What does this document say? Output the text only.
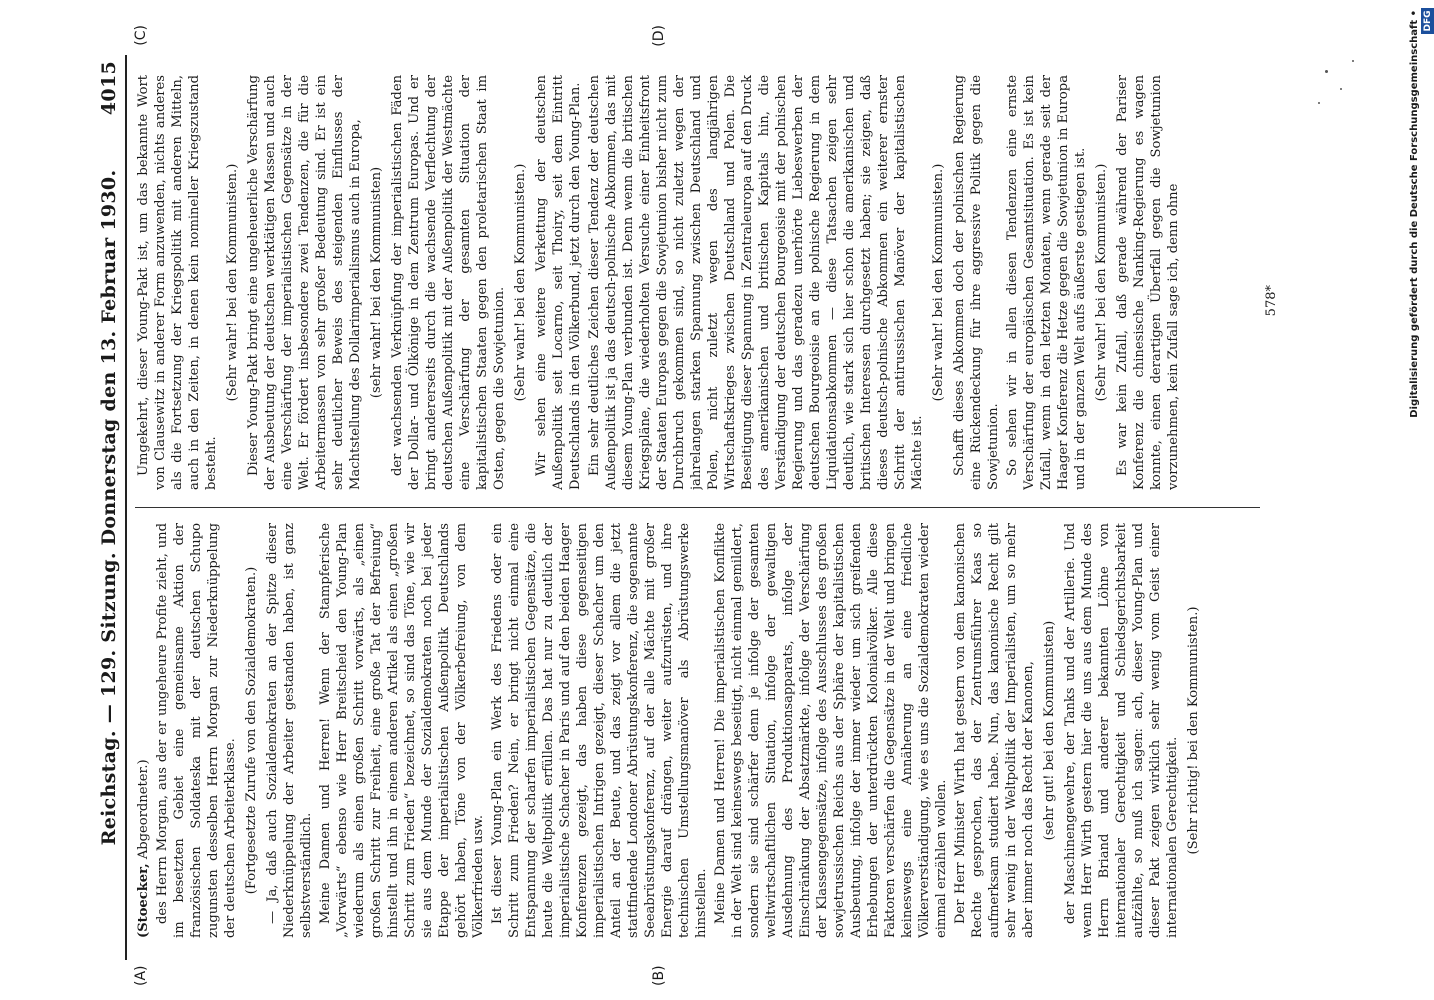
Reichstag. — 129. Sitzung. Donnerstag den 13. Februar 1930.
4015
(A)	(B)
(C)	(D)

(Stoecker, Abgeordneter.) des Herrn Morgan, aus der er ungeheure Profite zieht, und im besetzten Gebiet eine gemeinsame Aktion der französischen Soldateska mit der deutschen Schupo zugunsten desselben Herrn Morgan zur Niederknüppelung der deutschen Arbeiterklasse. (Fortgesetzte Zurufe von den Sozialdemokraten.) — Ja, daß auch Sozialdemokraten an der Spitze dieser Niederknüppelung der Arbeiter gestanden haben, ist ganz selbstverständlich. Meine Damen und Herren! Wenn der Stampferische „Vorwärts“ ebenso wie Herr Breitscheid den Young-Plan wiederum als einen großen Schritt vorwärts, als „einen großen Schritt zur Freiheit, eine große Tat der Befreiung“ hinstellt und ihn in einem anderen Artikel als einen „großen Schritt zum Frieden“ bezeichnet, so sind das Töne, wie wir sie aus dem Munde der Sozialdemokraten noch bei jeder Etappe der imperialistischen Außenpolitik Deutschlands gehört haben, Töne von der Völkerbefreiung, von dem Völkerfrieden usw. Ist dieser Young-Plan ein Werk des Friedens oder ein Schritt zum Frieden? Nein, er bringt nicht einmal eine Entspannung der scharfen imperialistischen Gegensätze, die heute die Weltpolitik erfüllen. Das hat nur zu deutlich der imperialistische Schacher in Paris und auf den beiden Haager Konferenzen gezeigt, das haben diese gegenseitigen imperialistischen Intrigen gezeigt, dieser Schacher um den Anteil an der Beute, und das zeigt vor allem die jetzt stattfindende Londoner Abrüstungskonferenz, die sogenannte Seeabrüstungskonferenz, auf der alle Mächte mit großer Energie darauf drängen, weiter aufzurüsten, und ihre technischen Umstellungsmanöver als Abrüstungswerke hinstellen. Meine Damen und Herren! Die imperialistischen Konflikte in der Welt sind keineswegs beseitigt, nicht einmal gemildert, sondern sie sind schärfer denn je infolge der gesamten weltwirtschaftlichen Situation, infolge der gewaltigen Ausdehnung des Produktionsapparats, infolge der Einschränkung der Absatzmärkte, infolge der Verschärfung der Klassengegensätze, infolge des Ausschlusses des großen sowjetrussischen Reichs aus der Sphäre der kapitalistischen Ausbeutung, infolge der immer wieder um sich greifenden Erhebungen der unterdrückten Kolonialvölker. Alle diese Faktoren verschärfen die Gegensätze in der Welt und bringen keineswegs eine Annäherung an eine friedliche Völkerverständigung, wie es uns die Sozialdemokraten wieder einmal erzählen wollen. Der Herr Minister Wirth hat gestern von dem kanonischen Rechte gesprochen, das der Zentrumsführer Kaas so aufmerksam studiert habe. Nun, das kanonische Recht gilt sehr wenig in der Weltpolitik der Imperialisten, um so mehr aber immer noch das Recht der Kanonen, (sehr gut! bei den Kommunisten) der Maschinengewehre, der Tanks und der Artillerie. Und wenn Herr Wirth gestern hier die uns aus dem Munde des Herrn Briand und anderer bekannten Löhne von internationaler Gerechtigkeit und Schiedsgerichtsbarkeit aufzählte, so muß ich sagen: ach, dieser Young-Plan und dieser Pakt zeigen wirklich sehr wenig vom Geist einer internationalen Gerechtigkeit. (Sehr richtig! bei den Kommunisten.)

Umgekehrt, dieser Young-Pakt ist, um das bekannte Wort von Clausewitz in anderer Form anzuwenden, nichts anderes als die Fortsetzung der Kriegspolitik mit anderen Mitteln, auch in den Zeiten, in denen kein nomineller Kriegszustand besteht.

(Sehr wahr! bei den Kommunisten.) Dieser Young-Pakt bringt eine ungeheuerliche Verschärfung der Ausbeutung der deutschen werktätigen Massen und auch eine Verschärfung der imperialistischen Gegensätze in der Welt. Er fördert insbesondere zwei Tendenzen, die für die Arbeitermassen von sehr großer Bedeutung sind. Er ist ein sehr deutlicher Beweis des steigenden Einflusses der Machtstellung des Dollarimperialismus auch in Europa, (sehr wahr! bei den Kommunisten) der wachsenden Verknüpfung der imperialistischen Fäden der Dollar- und Ölkönige in dem Zentrum Europas. Und er bringt andererseits durch die wachsende Verflechtung der deutschen Außenpolitik mit der Außenpolitik der Westmächte eine Verschärfung der gesamten Situation der kapitalistischen Staaten gegen den proletarischen Staat im Osten, gegen die Sowjetunion. (Sehr wahr! bei den Kommunisten.) Wir sehen eine weitere Verkettung der deutschen Außenpolitik seit Locarno, seit Thoiry, seit dem Eintritt Deutschlands in den Völkerbund, jetzt durch den Young-Plan. Ein sehr deutliches Zeichen dieser Tendenz der deutschen Außenpolitik ist ja das deutsch-polnische Abkommen, das mit diesem Young-Plan verbunden ist. Denn wenn die britischen Kriegspläne, die wiederholten Versuche einer Einheitsfront der Staaten Europas gegen die Sowjetunion bisher nicht zum Durchbruch gekommen sind, so nicht zuletzt wegen der jahrelangen starken Spannung zwischen Deutschland und Polen, nicht zuletzt wegen des langjährigen Wirtschaftskrieges zwischen Deutschland und Polen. Die Beseitigung dieser Spannung in Zentraleuropa auf den Druck des amerikanischen und britischen Kapitals hin, die Verständigung der deutschen Bourgeoisie mit der polnischen Regierung und das geradezu unerhörte Liebeswerben der deutschen Bourgeoisie an die polnische Regierung in dem Liquidationsabkommen — diese Tatsachen zeigen sehr deutlich, wie stark sich hier schon die amerikanischen und britischen Interessen durchgesetzt haben; sie zeigen, daß dieses deutsch-polnische Abkommen ein weiterer ernster Schritt der antirussischen Manöver der kapitalistischen Mächte ist.

(Sehr wahr! bei den Kommunisten.) Schafft dieses Abkommen doch der polnischen Regierung eine Rückendeckung für ihre aggressive Politik gegen die Sowjetunion. So sehen wir in allen diesen Tendenzen eine ernste Verschärfung der europäischen Gesamtsituation. Es ist kein Zufall, wenn in den letzten Monaten, wenn gerade seit der Haager Konferenz die Hetze gegen die Sowjetunion in Europa und in der ganzen Welt aufs äußerste gestiegen ist. (Sehr wahr! bei den Kommunisten.) Es war kein Zufall, daß gerade während der Pariser Konferenz die chinesische Nanking-Regierung es wagen konnte, einen derartigen Überfall gegen die Sowjetunion vorzunehmen, kein Zufall sage ich, denn ohne	578*	Digitalisierung gefördert durch die Deutsche Forschungsgemeinschaft • DFG
